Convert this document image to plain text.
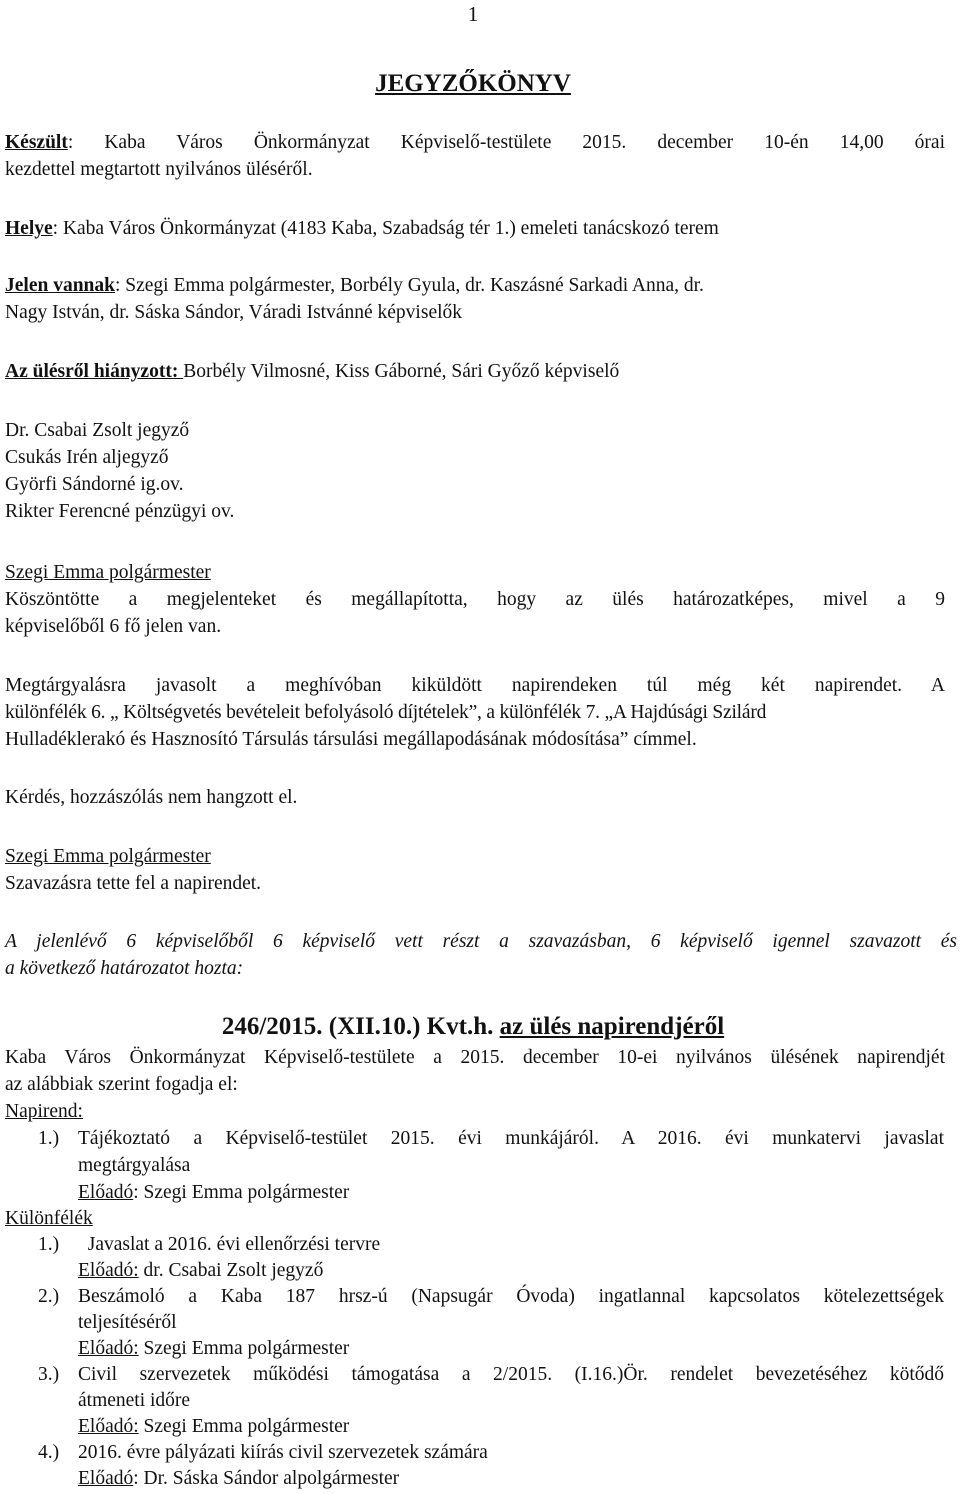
1
JEGYZŐKÖNYV

Készült: Kaba Város Önkormányzat Képviselő-testülete 2015. december 10-én 14,00 órai

kezdettel megtartott nyilvános üléséről.

Helye: Kaba Város Önkormányzat (4183 Kaba, Szabadság tér 1.) emeleti tanácskozó terem

Jelen vannak: Szegi Emma polgármester, Borbély Gyula, dr. Kaszásné Sarkadi Anna, dr.

Nagy István, dr. Sáska Sándor, Váradi Istvánné képviselők

Az ülésről hiányzott: Borbély Vilmosné, Kiss Gáborné, Sári Győző képviselő

Dr. Csabai Zsolt jegyző

Csukás Irén aljegyző

Györfi Sándorné ig.ov.

Rikter Ferencné pénzügyi ov.

Szegi Emma polgármester

Köszöntötte a megjelenteket és megállapította, hogy az ülés határozatképes, mivel a 9

képviselőből 6 fő jelen van.

Megtárgyalásra javasolt a meghívóban kiküldött napirendeken túl még két napirendet. A

különfélék 6. „ Költségvetés bevételeit befolyásoló díjtételek”, a különfélék 7. „A Hajdúsági Szilárd

Hulladéklerakó és Hasznosító Társulás társulási megállapodásának módosítása” címmel.

Kérdés, hozzászólás nem hangzott el.

Szegi Emma polgármester

Szavazásra tette fel a napirendet.

A jelenlévő 6 képviselőből 6 képviselő vett részt a szavazásban, 6 képviselő igennel szavazott és

a következő határozatot hozta:

246/2015. (XII.10.) Kvt.h. az ülés napirendjéről

Kaba Város Önkormányzat Képviselő-testülete a 2015. december 10-ei nyilvános ülésének napirendjét

az alábbiak szerint fogadja el:

Napirend:

1.) Tájékoztató a Képviselő-testület 2015. évi munkájáról. A 2016. évi munkatervi javaslat

megtárgyalása

Előadó: Szegi Emma polgármester

Különfélék

1.) Javaslat a 2016. évi ellenőrzési tervre

Előadó: dr. Csabai Zsolt jegyző

2.) Beszámoló a Kaba 187 hrsz-ú (Napsugár Óvoda) ingatlannal kapcsolatos kötelezettségek

teljesítéséről

Előadó: Szegi Emma polgármester

3.) Civil szervezetek működési támogatása a 2/2015. (I.16.)Ör. rendelet bevezetéséhez kötődő

átmeneti időre

Előadó: Szegi Emma polgármester

4.) 2016. évre pályázati kiírás civil szervezetek számára

Előadó: Dr. Sáska Sándor alpolgármester
